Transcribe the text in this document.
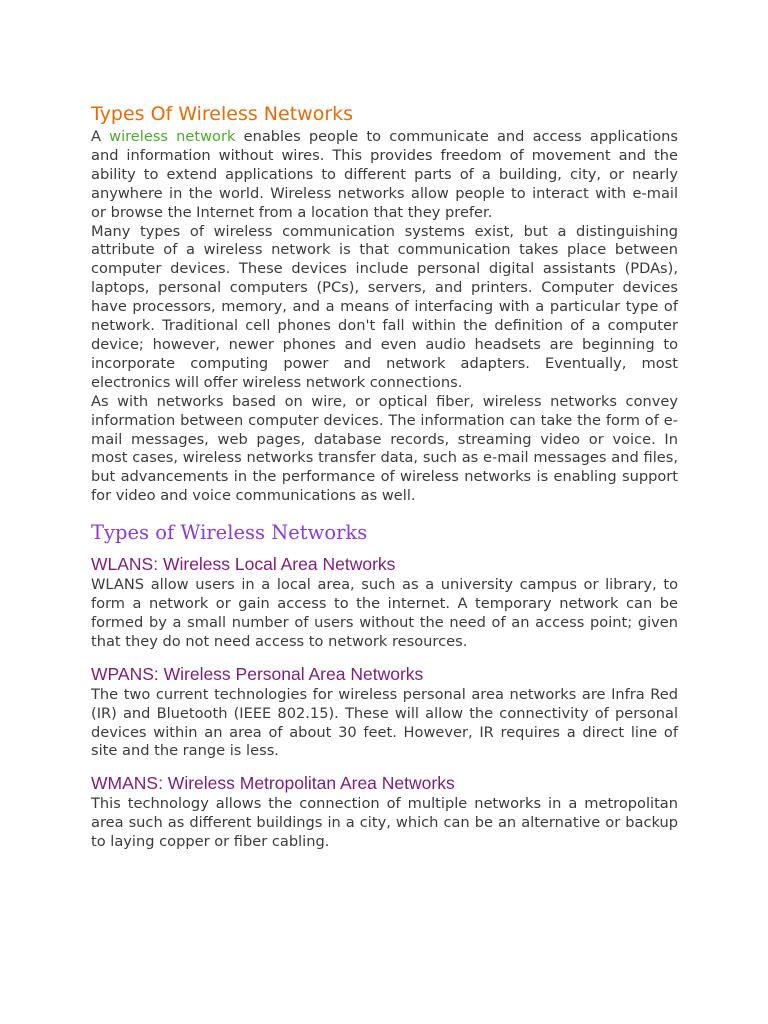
Types Of Wireless Networks

A wireless network enables people to communicate and access applications and information without wires. This provides freedom of movement and the ability to extend applications to different parts of a building, city, or nearly anywhere in the world. Wireless networks allow people to interact with e-mail or browse the Internet from a location that they prefer.

Many types of wireless communication systems exist, but a distinguishing attribute of a wireless network is that communication takes place between computer devices. These devices include personal digital assistants (PDAs), laptops, personal computers (PCs), servers, and printers. Computer devices have processors, memory, and a means of interfacing with a particular type of network. Traditional cell phones don't fall within the definition of a computer device; however, newer phones and even audio headsets are beginning to incorporate computing power and network adapters. Eventually, most electronics will offer wireless network connections.

As with networks based on wire, or optical fiber, wireless networks convey information between computer devices. The information can take the form of e-mail messages, web pages, database records, streaming video or voice. In most cases, wireless networks transfer data, such as e-mail messages and files, but advancements in the performance of wireless networks is enabling support for video and voice communications as well.

Types of Wireless Networks
WLANS: Wireless Local Area Networks

WLANS allow users in a local area, such as a university campus or library, to form a network or gain access to the internet. A temporary network can be formed by a small number of users without the need of an access point; given that they do not need access to network resources.

WPANS: Wireless Personal Area Networks

The two current technologies for wireless personal area networks are Infra Red (IR) and Bluetooth (IEEE 802.15). These will allow the connectivity of personal devices within an area of about 30 feet. However, IR requires a direct line of site and the range is less.

WMANS: Wireless Metropolitan Area Networks

This technology allows the connection of multiple networks in a metropolitan area such as different buildings in a city, which can be an alternative or backup to laying copper or fiber cabling.
